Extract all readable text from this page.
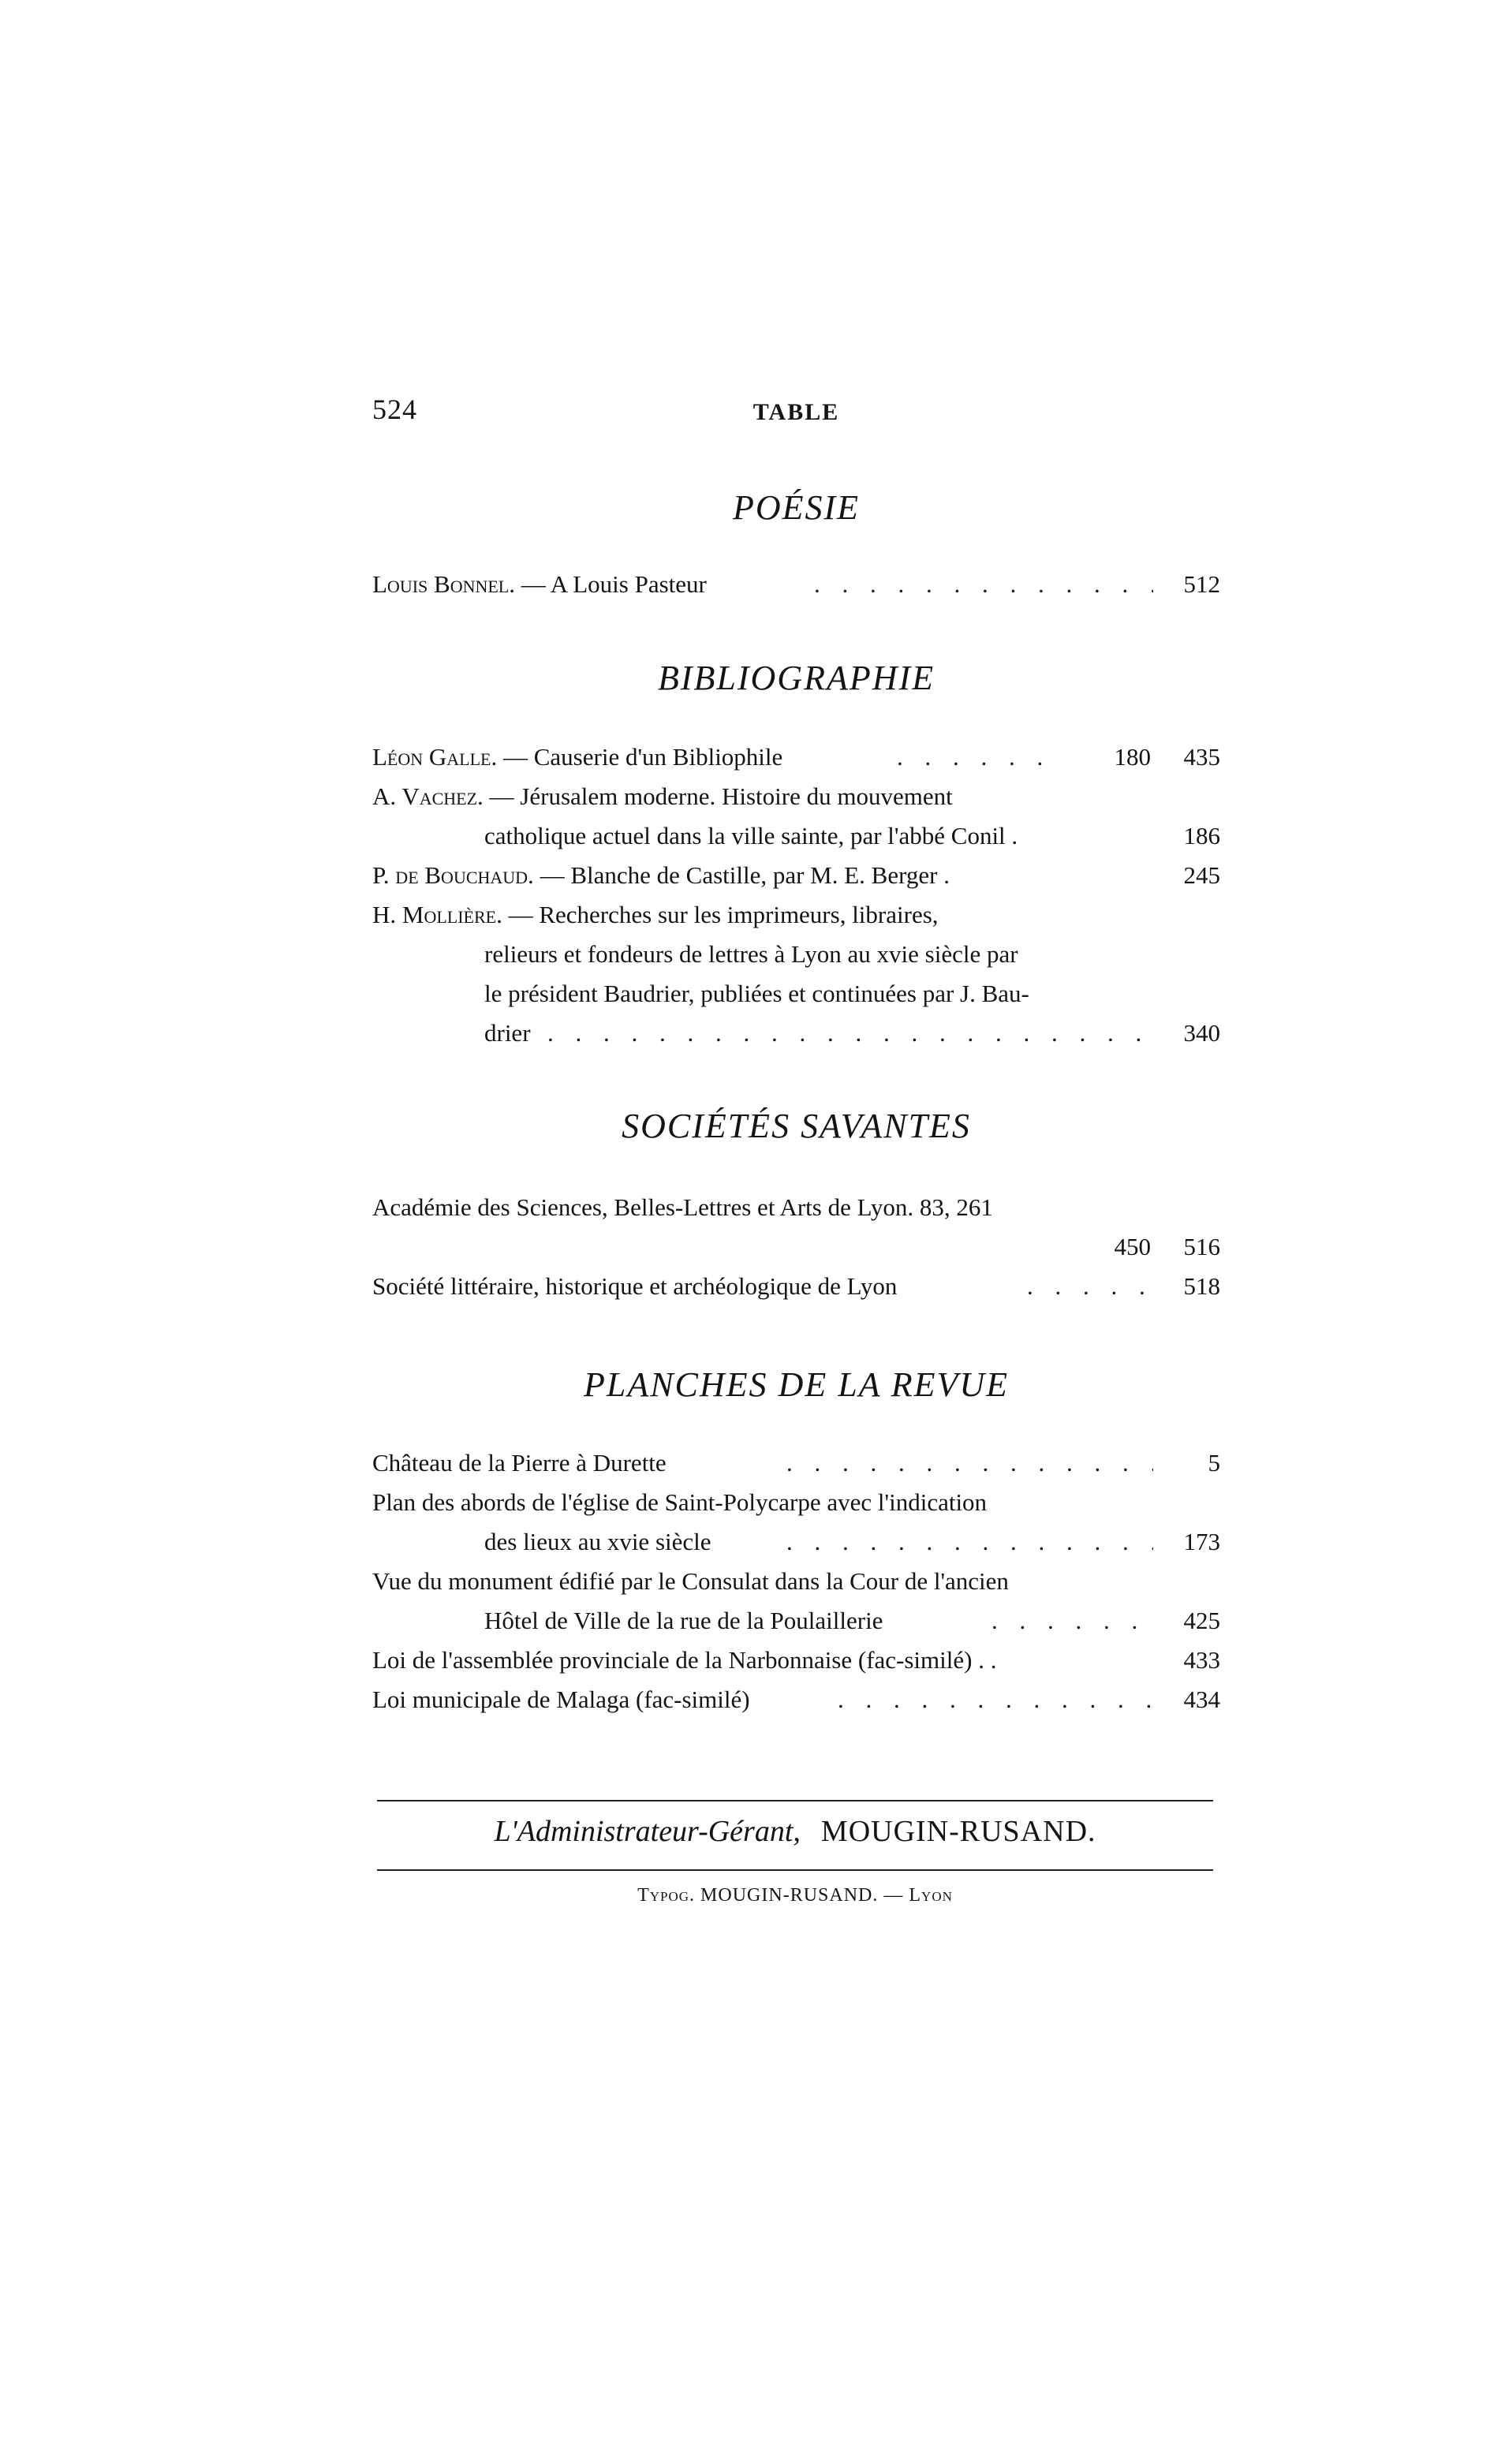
524	TABLE
POÉSIE
Louis Bonnel. — A Louis Pasteur . . .	512
BIBLIOGRAPHIE
Léon Galle. — Causerie d'un Bibliophile . . .	180 435
A. Vachez. — Jérusalem moderne. Histoire du mouvement
catholique actuel dans la ville sainte, par l'abbé Conil .	186
P. de Bouchaud. — Blanche de Castille, par M. E. Berger .	245
H. Mollière. — Recherches sur les imprimeurs, libraires,
relieurs et fondeurs de lettres à Lyon au xvie siècle par
le président Baudrier, publiées et continuées par J. Bau-
drier . . .	340
SOCIÉTÉS SAVANTES
Académie des Sciences, Belles-Lettres et Arts de Lyon. 83, 261
450 516
Société littéraire, historique et archéologique de Lyon . . .	518
PLANCHES DE LA REVUE
Château de la Pierre à Durette . . .	5
Plan des abords de l'église de Saint-Polycarpe avec l'indication
des lieux au xvie siècle . . .	173
Vue du monument édifié par le Consulat dans la Cour de l'ancien
Hôtel de Ville de la rue de la Poulaillerie . . .	425
Loi de l'assemblée provinciale de la Narbonnaise (fac-similé) . .	433
Loi municipale de Malaga (fac-similé) . . .	434
L'Administrateur-Gérant, MOUGIN-RUSAND.
Typog. MOUGIN-RUSAND. — Lyon
